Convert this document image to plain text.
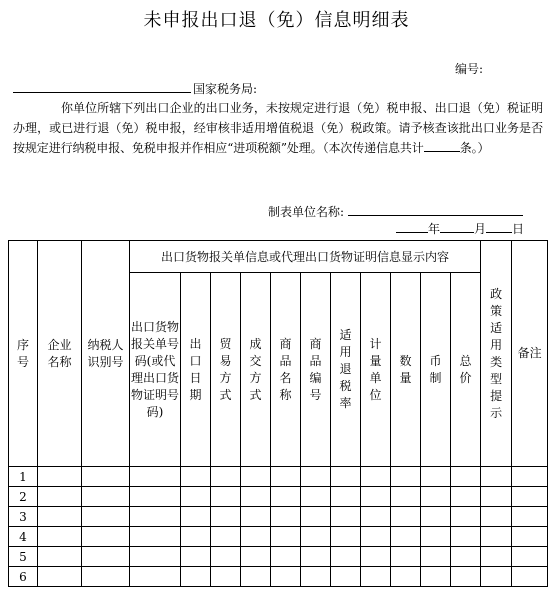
未申报出口退（免）信息明细表
编号:
国家税务局:
你单位所辖下列出口企业的出口业务，未按规定进行退（免）税申报、出口退（免）税证明办理，或已进行退（免）税申报，经审核非适用增值税退（免）税政策。请予核查该批出口业务是否按规定进行纳税申报、免税申报并作相应“进项税额”处理。（本次传递信息共计	条。）
制表单位名称:
年	月 日
序号	企业名称	纳税人识别号	出口货物报关单信息或代理出口货物证明信息显示内容											政策适用类型提示	备注

			出口货物报关单号码(或代理出口货物证明号码)	出口日期	贸易方式	成交方式	商品名称	商品编号	适用退税率	计量单位	数量	币制	总价		

1															
2															
3															
4															
5															
6															
